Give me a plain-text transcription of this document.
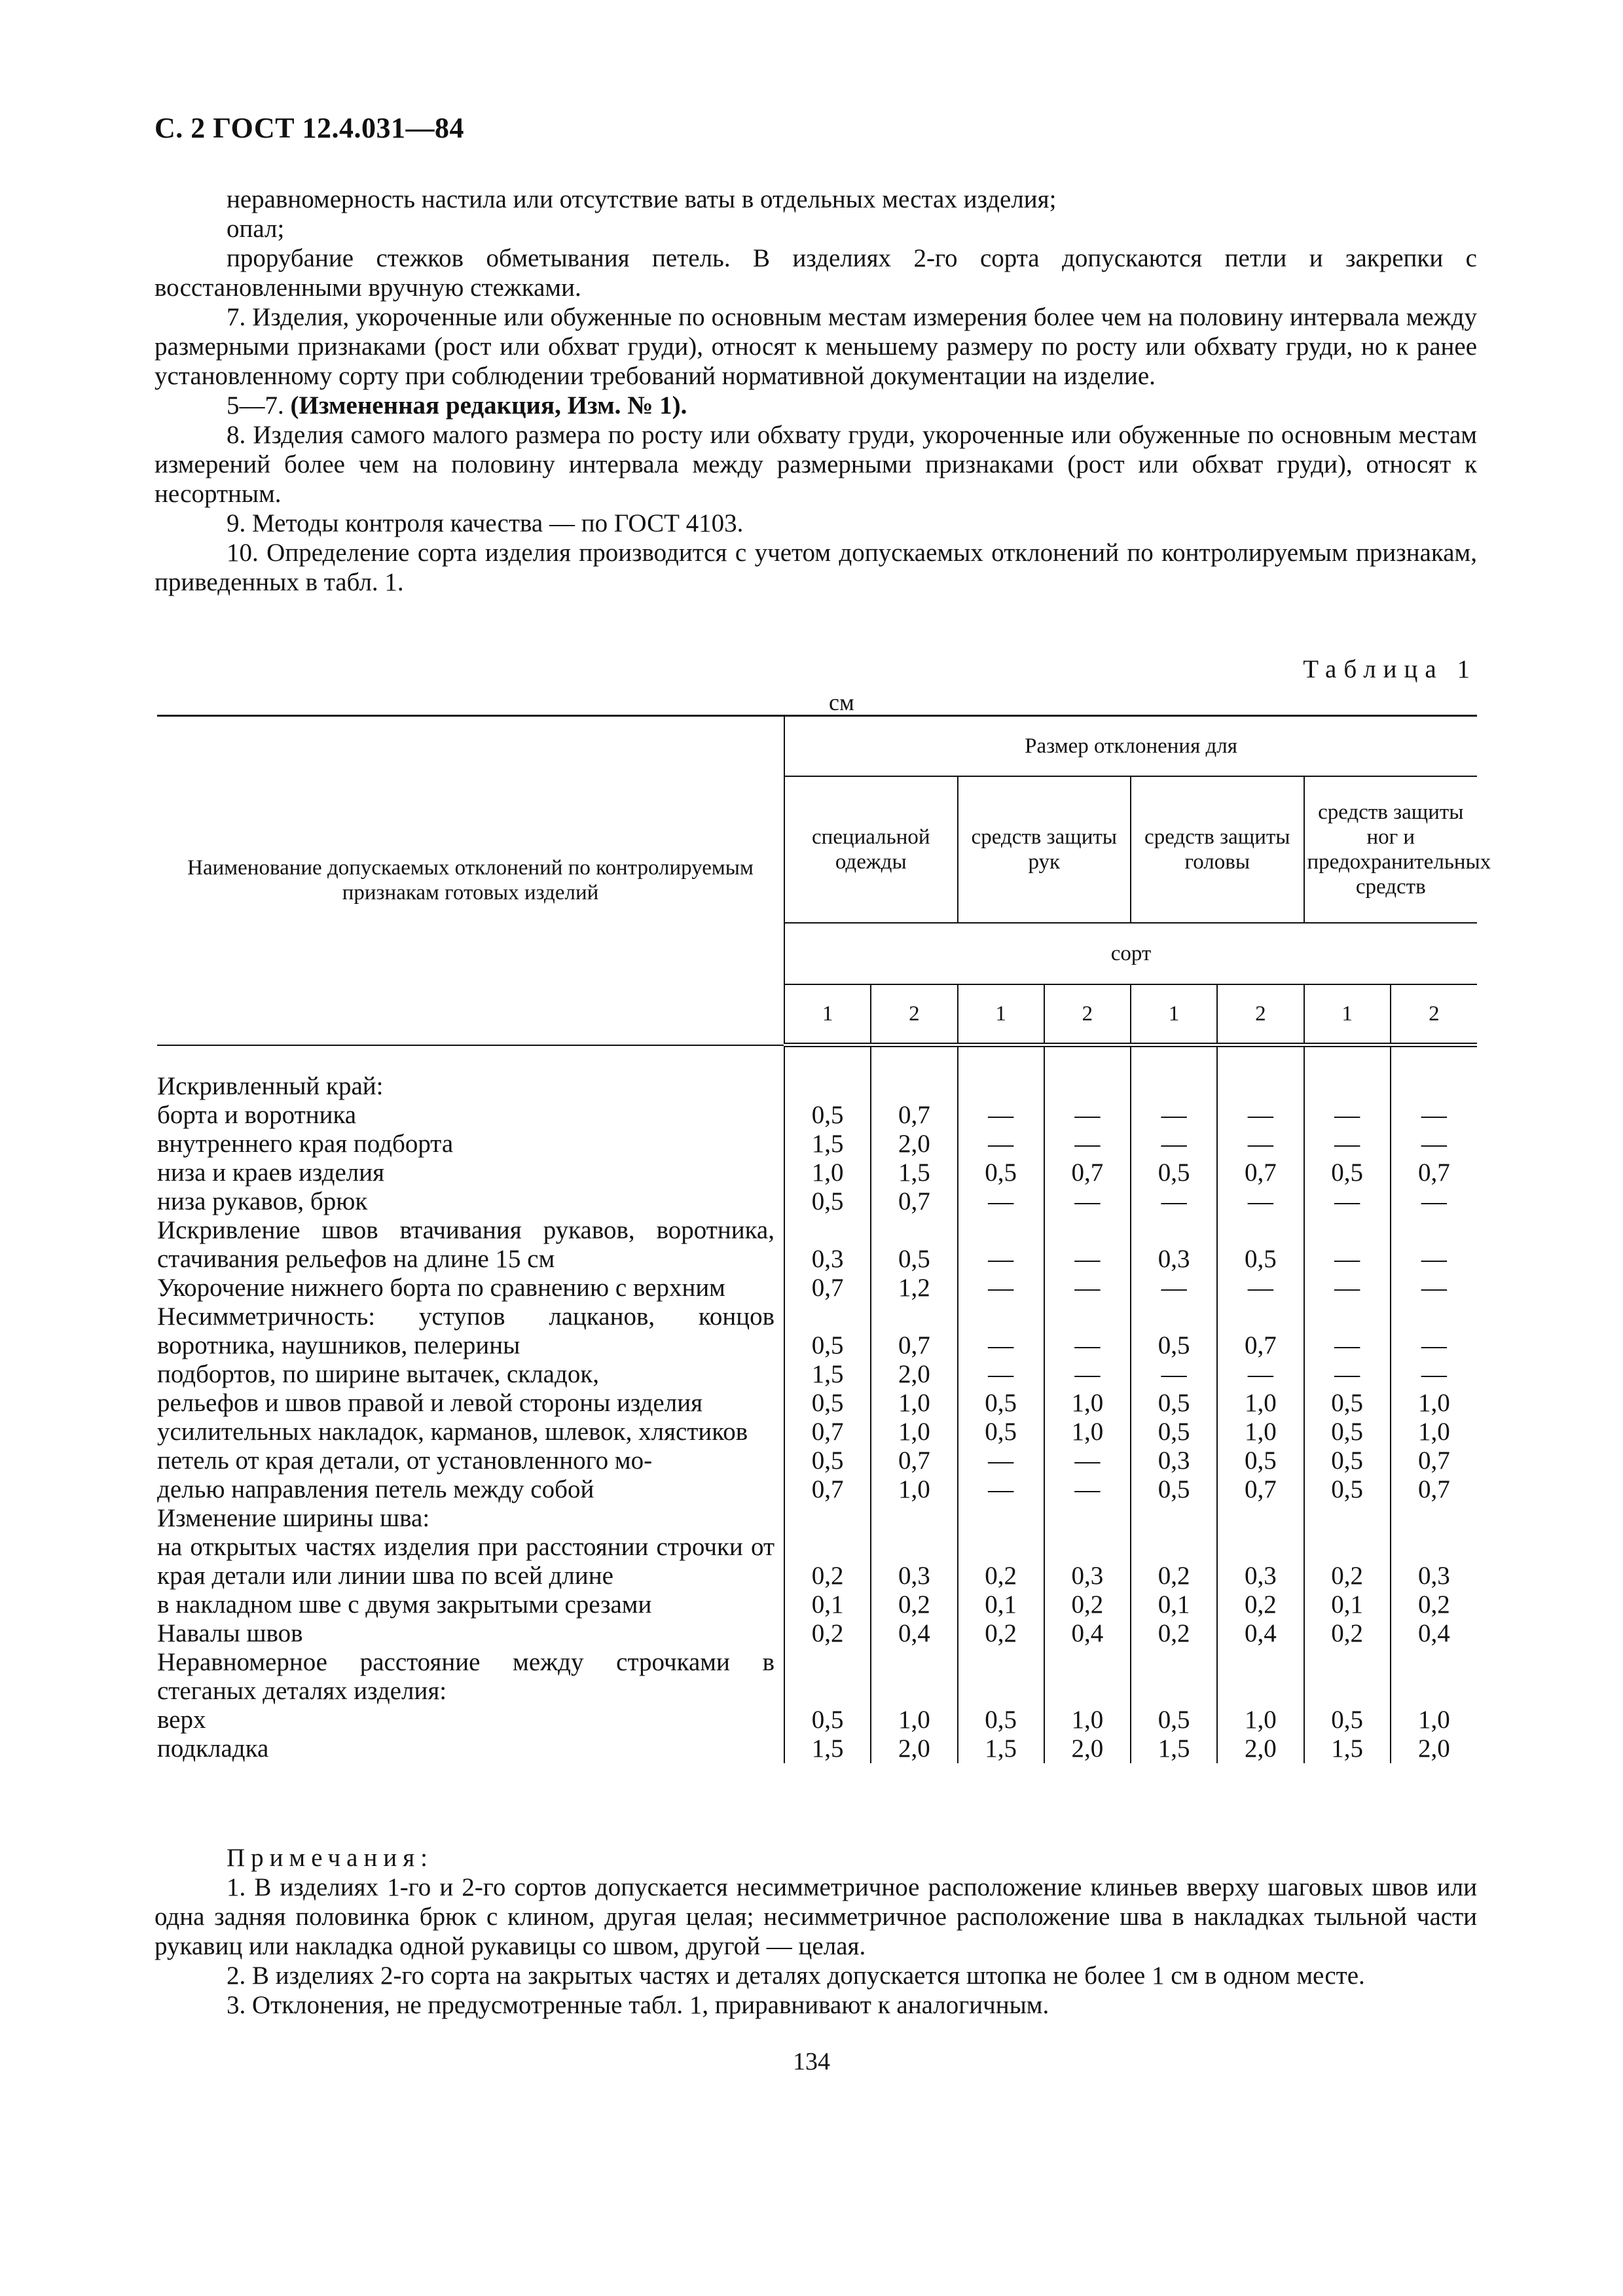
С. 2 ГОСТ 12.4.031—84

неравномерность настила или отсутствие ваты в отдельных местах изделия;

опал;

прорубание стежков обметывания петель. В изделиях 2-го сорта допускаются петли и закрепки с восстановленными вручную стежками.

7. Изделия, укороченные или обуженные по основным местам измерения более чем на половину интервала между размерными признаками (рост или обхват груди), относят к меньшему размеру по росту или обхвату груди, но к ранее установленному сорту при соблюдении требований нормативной документации на изделие.

5—7. (Измененная редакция, Изм. № 1).

8. Изделия самого малого размера по росту или обхвату груди, укороченные или обуженные по основным местам измерений более чем на половину интервала между размерными признаками (рост или обхват груди), относят к несортным.

9. Методы контроля качества — по ГОСТ 4103.

10. Определение сорта изделия производится с учетом допускаемых отклонений по контролируемым признакам, приведенных в табл. 1.

Таблица 1
см
Наименование допускаемых отклонений по контролируемым признакам готовых изделий	Размер отклонения для							
	специальной одежды		средств защиты рук		средств защиты головы		средств защиты ног и предохранительных средств	
	сорт							
	1	2	1	2	1	2	1	2
Искривленный край:								
борта и воротника	0,5	0,7	—	—	—	—	—	—
внутреннего края подборта	1,5	2,0	—	—	—	—	—	—
низа и краев изделия	1,0	1,5	0,5	0,7	0,5	0,7	0,5	0,7
низа рукавов, брюк	0,5	0,7	—	—	—	—	—	—
Искривление швов втачивания рукавов, воротника, стачивания рельефов на длине 15 см	0,3	0,5	—	—	0,3	0,5	—	—
Укорочение нижнего борта по сравнению с верхним	0,7	1,2	—	—	—	—	—	—
Несимметричность: уступов лацканов, концов воротника, наушников, пелерины	0,5	0,7	—	—	0,5	0,7	—	—
подбортов, по ширине вытачек, складок,	1,5	2,0	—	—	—	—	—	—
рельефов и швов правой и левой стороны изделия	0,5	1,0	0,5	1,0	0,5	1,0	0,5	1,0
усилительных накладок, карманов, шлевок, хлястиков	0,7	1,0	0,5	1,0	0,5	1,0	0,5	1,0
петель от края детали, от установленного мо-	0,5	0,7	—	—	0,3	0,5	0,5	0,7
делью направления петель между собой	0,7	1,0	—	—	0,5	0,7	0,5	0,7
Изменение ширины шва:								
на открытых частях изделия при расстоянии строчки от края детали или линии шва по всей длине	0,2	0,3	0,2	0,3	0,2	0,3	0,2	0,3
в накладном шве с двумя закрытыми срезами	0,1	0,2	0,1	0,2	0,1	0,2	0,1	0,2
Навалы швов	0,2	0,4	0,2	0,4	0,2	0,4	0,2	0,4
Неравномерное расстояние между строчками в стеганых деталях изделия:								
верх	0,5	1,0	0,5	1,0	0,5	1,0	0,5	1,0
подкладка	1,5	2,0	1,5	2,0	1,5	2,0	1,5	2,0

Примечания:

1. В изделиях 1-го и 2-го сортов допускается несимметричное расположение клиньев вверху шаговых швов или одна задняя половинка брюк с клином, другая целая; несимметричное расположение шва в накладках тыльной части рукавиц или накладка одной рукавицы со швом, другой — целая.

2. В изделиях 2-го сорта на закрытых частях и деталях допускается штопка не более 1 см в одном месте.

3. Отклонения, не предусмотренные табл. 1, приравнивают к аналогичным.

134
